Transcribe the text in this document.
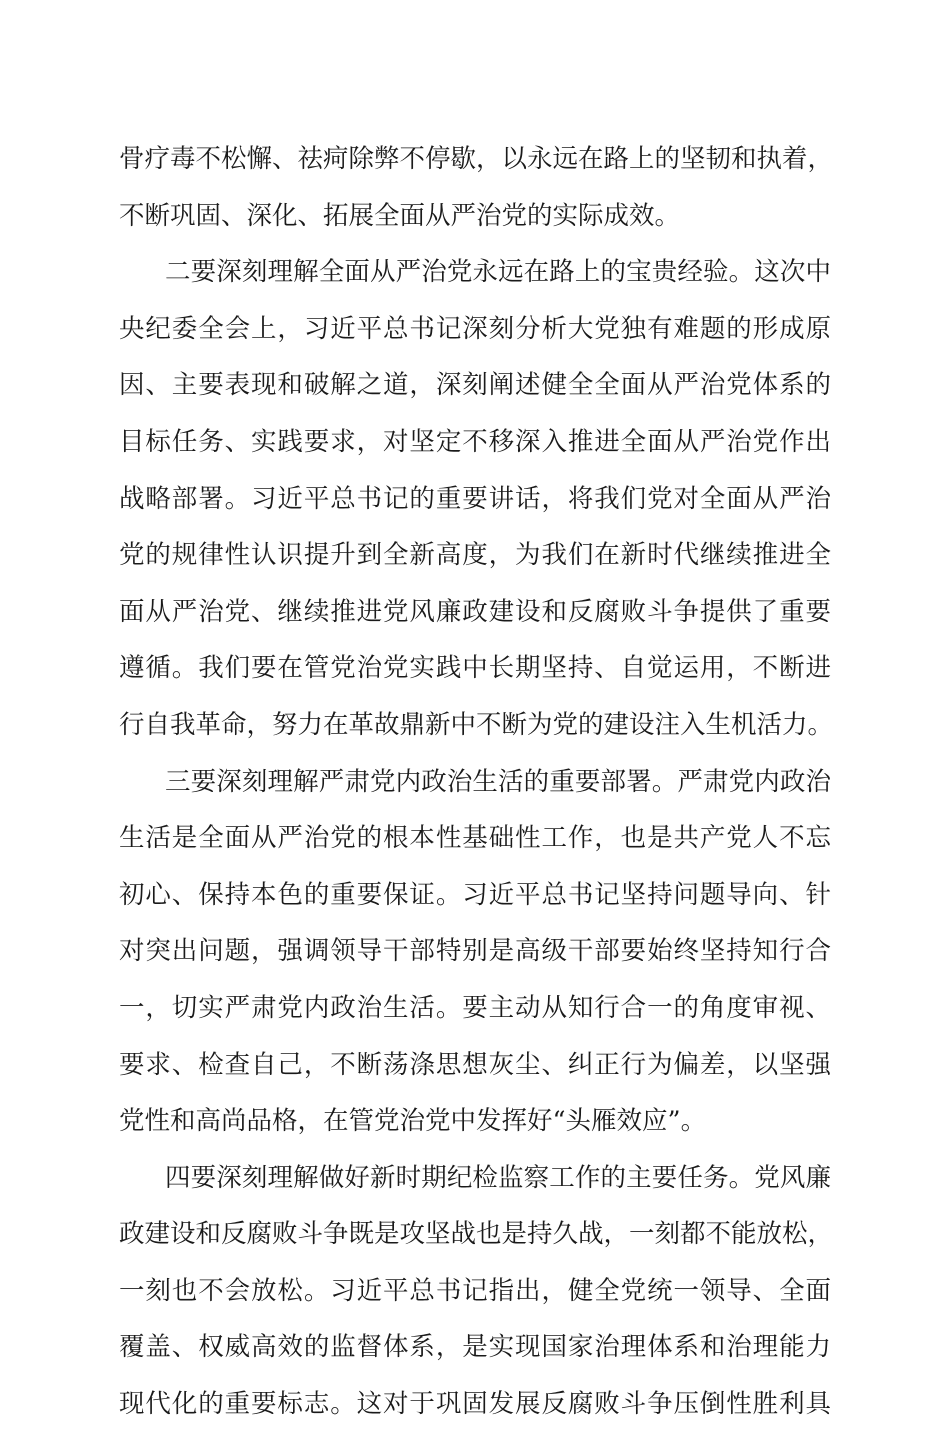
骨疗毒不松懈、祛疴除弊不停歇，以永远在路上的坚韧和执着，
不断巩固、深化、拓展全面从严治党的实际成效。
二要深刻理解全面从严治党永远在路上的宝贵经验。这次中
央纪委全会上，习近平总书记深刻分析大党独有难题的形成原
因、主要表现和破解之道，深刻阐述健全全面从严治党体系的
目标任务、实践要求，对坚定不移深入推进全面从严治党作出
战略部署。习近平总书记的重要讲话，将我们党对全面从严治
党的规律性认识提升到全新高度，为我们在新时代继续推进全
面从严治党、继续推进党风廉政建设和反腐败斗争提供了重要
遵循。我们要在管党治党实践中长期坚持、自觉运用，不断进
行自我革命，努力在革故鼎新中不断为党的建设注入生机活力。
三要深刻理解严肃党内政治生活的重要部署。严肃党内政治
生活是全面从严治党的根本性基础性工作，也是共产党人不忘
初心、保持本色的重要保证。习近平总书记坚持问题导向、针
对突出问题，强调领导干部特别是高级干部要始终坚持知行合
一，切实严肃党内政治生活。要主动从知行合一的角度审视、
要求、检查自己，不断荡涤思想灰尘、纠正行为偏差，以坚强
党性和高尚品格，在管党治党中发挥好“头雁效应”。
四要深刻理解做好新时期纪检监察工作的主要任务。党风廉
政建设和反腐败斗争既是攻坚战也是持久战，一刻都不能放松，
一刻也不会放松。习近平总书记指出，健全党统一领导、全面
覆盖、权威高效的监督体系，是实现国家治理体系和治理能力
现代化的重要标志。这对于巩固发展反腐败斗争压倒性胜利具
